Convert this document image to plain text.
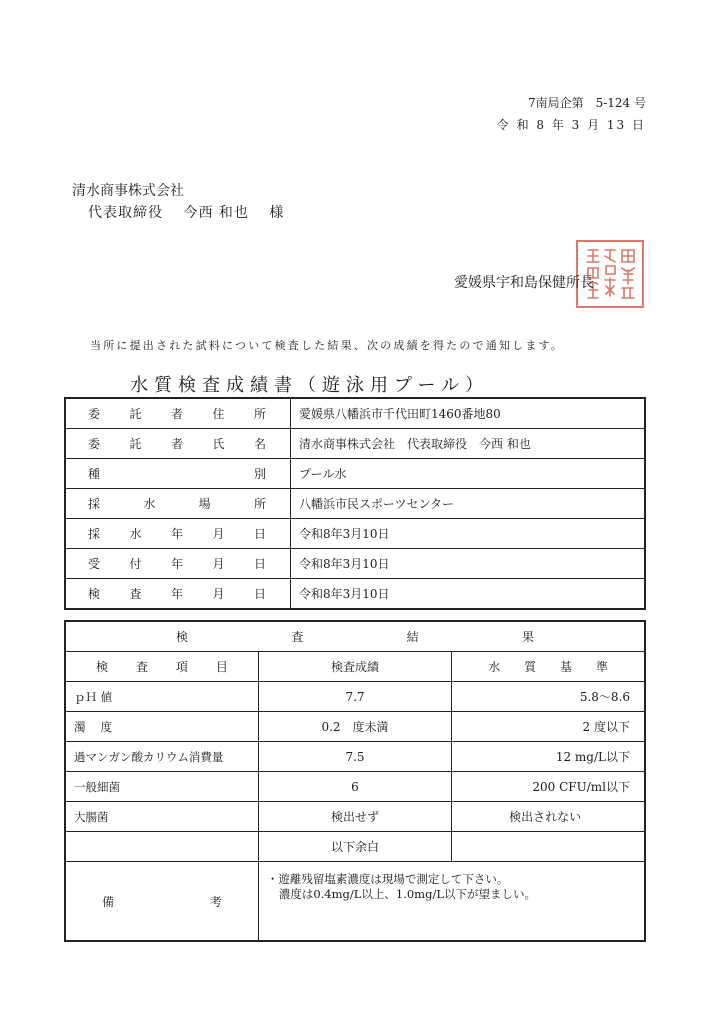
7南局企第　5-124 号
令 和 8 年 3 月 13 日
清水商事株式会社
代表取締役　 今西 和也　 様
愛媛県宇和島保健所長
当所に提出された試料について検査した結果、次の成績を得たので通知します。
水質検査成績書（遊泳用プール）
委託者住所	愛媛県八幡浜市千代田町1460番地80
委託者氏名	清水商事株式会社　代表取締役　今西 和也
種別	プール水
採水場所	八幡浜市民スポーツセンター
採水年月日	令和8年3月10日
受付年月日	令和8年3月10日
検査年月日	令和8年3月10日
検査結果		
検査項目	検査成績	水質基準
ｐＨ 値	7.7	5.8～8.6
濁　 度	0.2　度未満	2 度以下
過マンガン酸カリウム消費量	7.5	12 mg/L以下
一般細菌	6	200 CFU/ml以下
大腸菌	検出せず	検出されない
	以下余白	
備考	・遊離残留塩素濃度は現場で測定して下さい。
濃度は0.4mg/L以上、1.0mg/L以下が望ましい。	
